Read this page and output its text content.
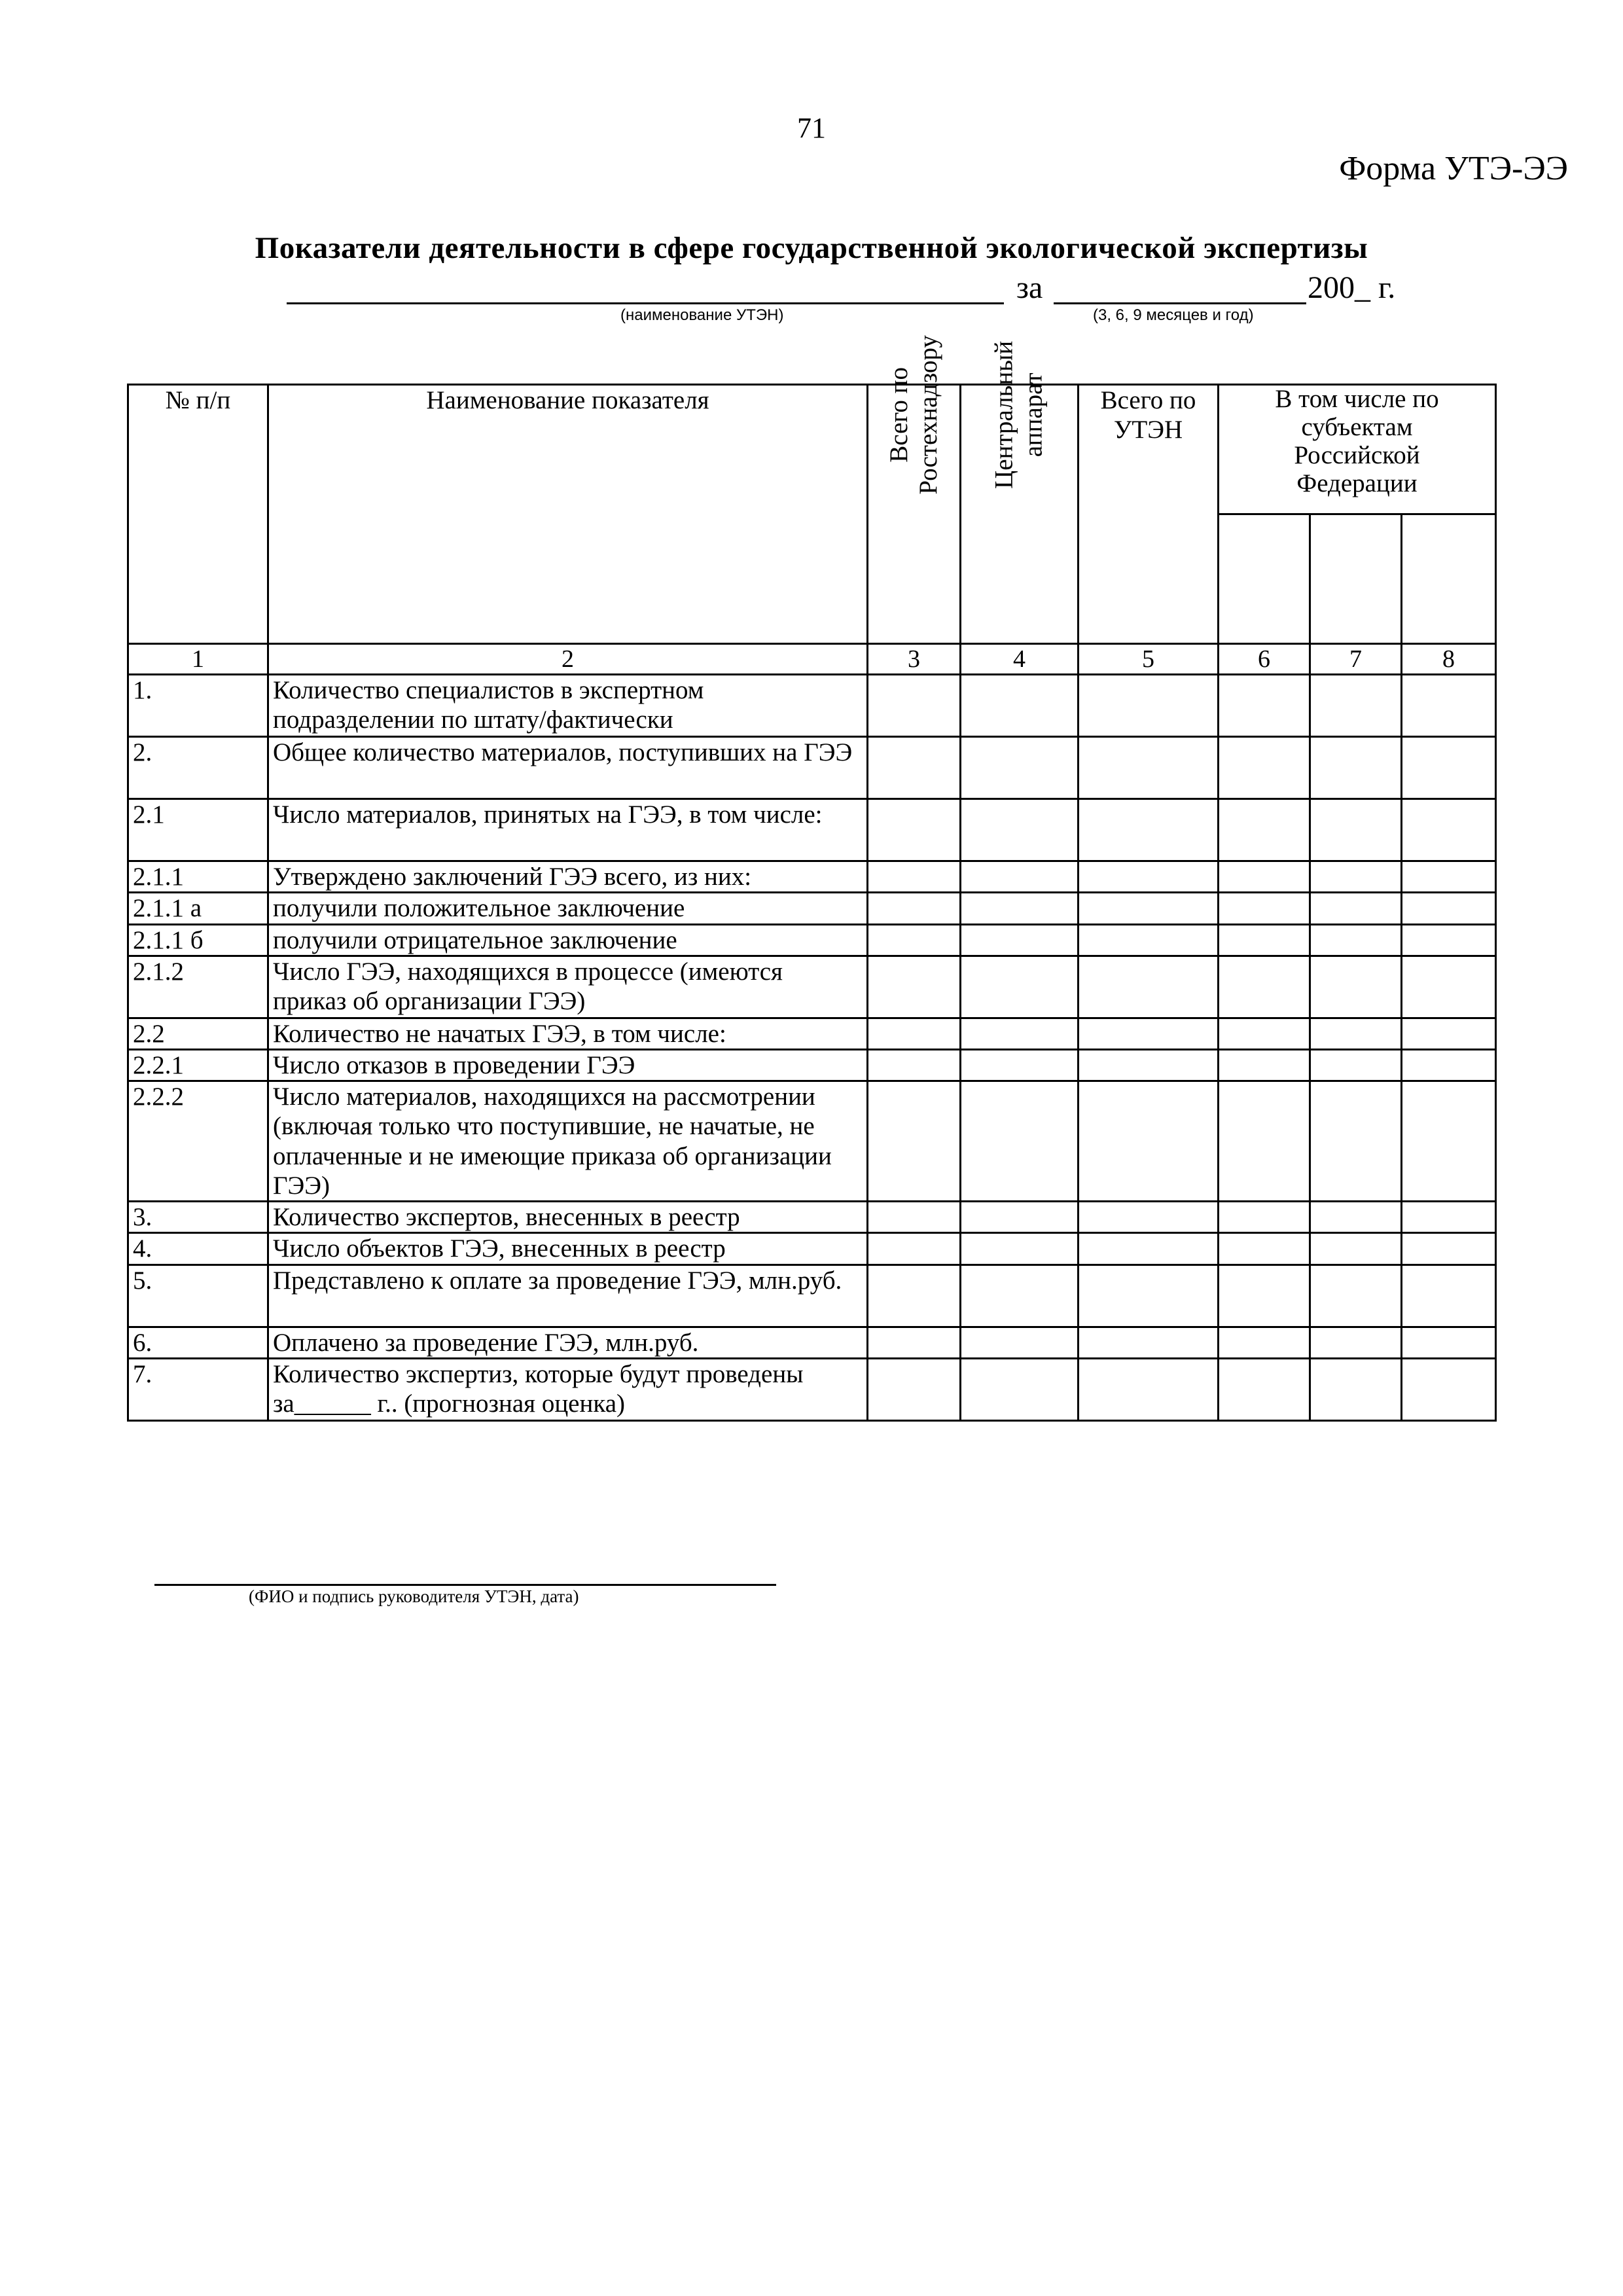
71
Форма УТЭ-ЭЭ
Показатели деятельности в сфере государственной экологической экспертизы
за	200_ г.
(наименование УТЭН)	(3, 6, 9 месяцев и год)
№ п/п	Наименование показателя	Всего по Ростехнадзору	Центральный аппарат	Всего по УТЭН	В том числе по субъектам Российской Федерации		

1	2	3	4	5	6	7	8
1.	Количество специалистов в экспертном подразделении по штату/фактически						
2.	Общее количество материалов, поступивших на ГЭЭ						
2.1	Число материалов, принятых на ГЭЭ, в том числе:						
2.1.1	Утверждено заключений ГЭЭ всего, из них:						
2.1.1 а	получили положительное заключение						
2.1.1 б	получили отрицательное заключение						
2.1.2	Число ГЭЭ, находящихся в процессе (имеются приказ об организации ГЭЭ)						
2.2	Количество не начатых ГЭЭ, в том числе:						
2.2.1	Число отказов в проведении ГЭЭ						
2.2.2	Число материалов, находящихся на рассмотрении (включая только что поступившие, не начатые, не оплаченные и не имеющие приказа об организации ГЭЭ)						
3.	Количество экспертов, внесенных в реестр						
4.	Число объектов ГЭЭ, внесенных в реестр						
5.	Представлено к оплате за проведение ГЭЭ, млн.руб.						
6.	Оплачено за проведение ГЭЭ, млн.руб.						
7.	Количество экспертиз, которые будут проведены за______ г.. (прогнозная оценка)						
(ФИО и подпись руководителя УТЭН, дата)
